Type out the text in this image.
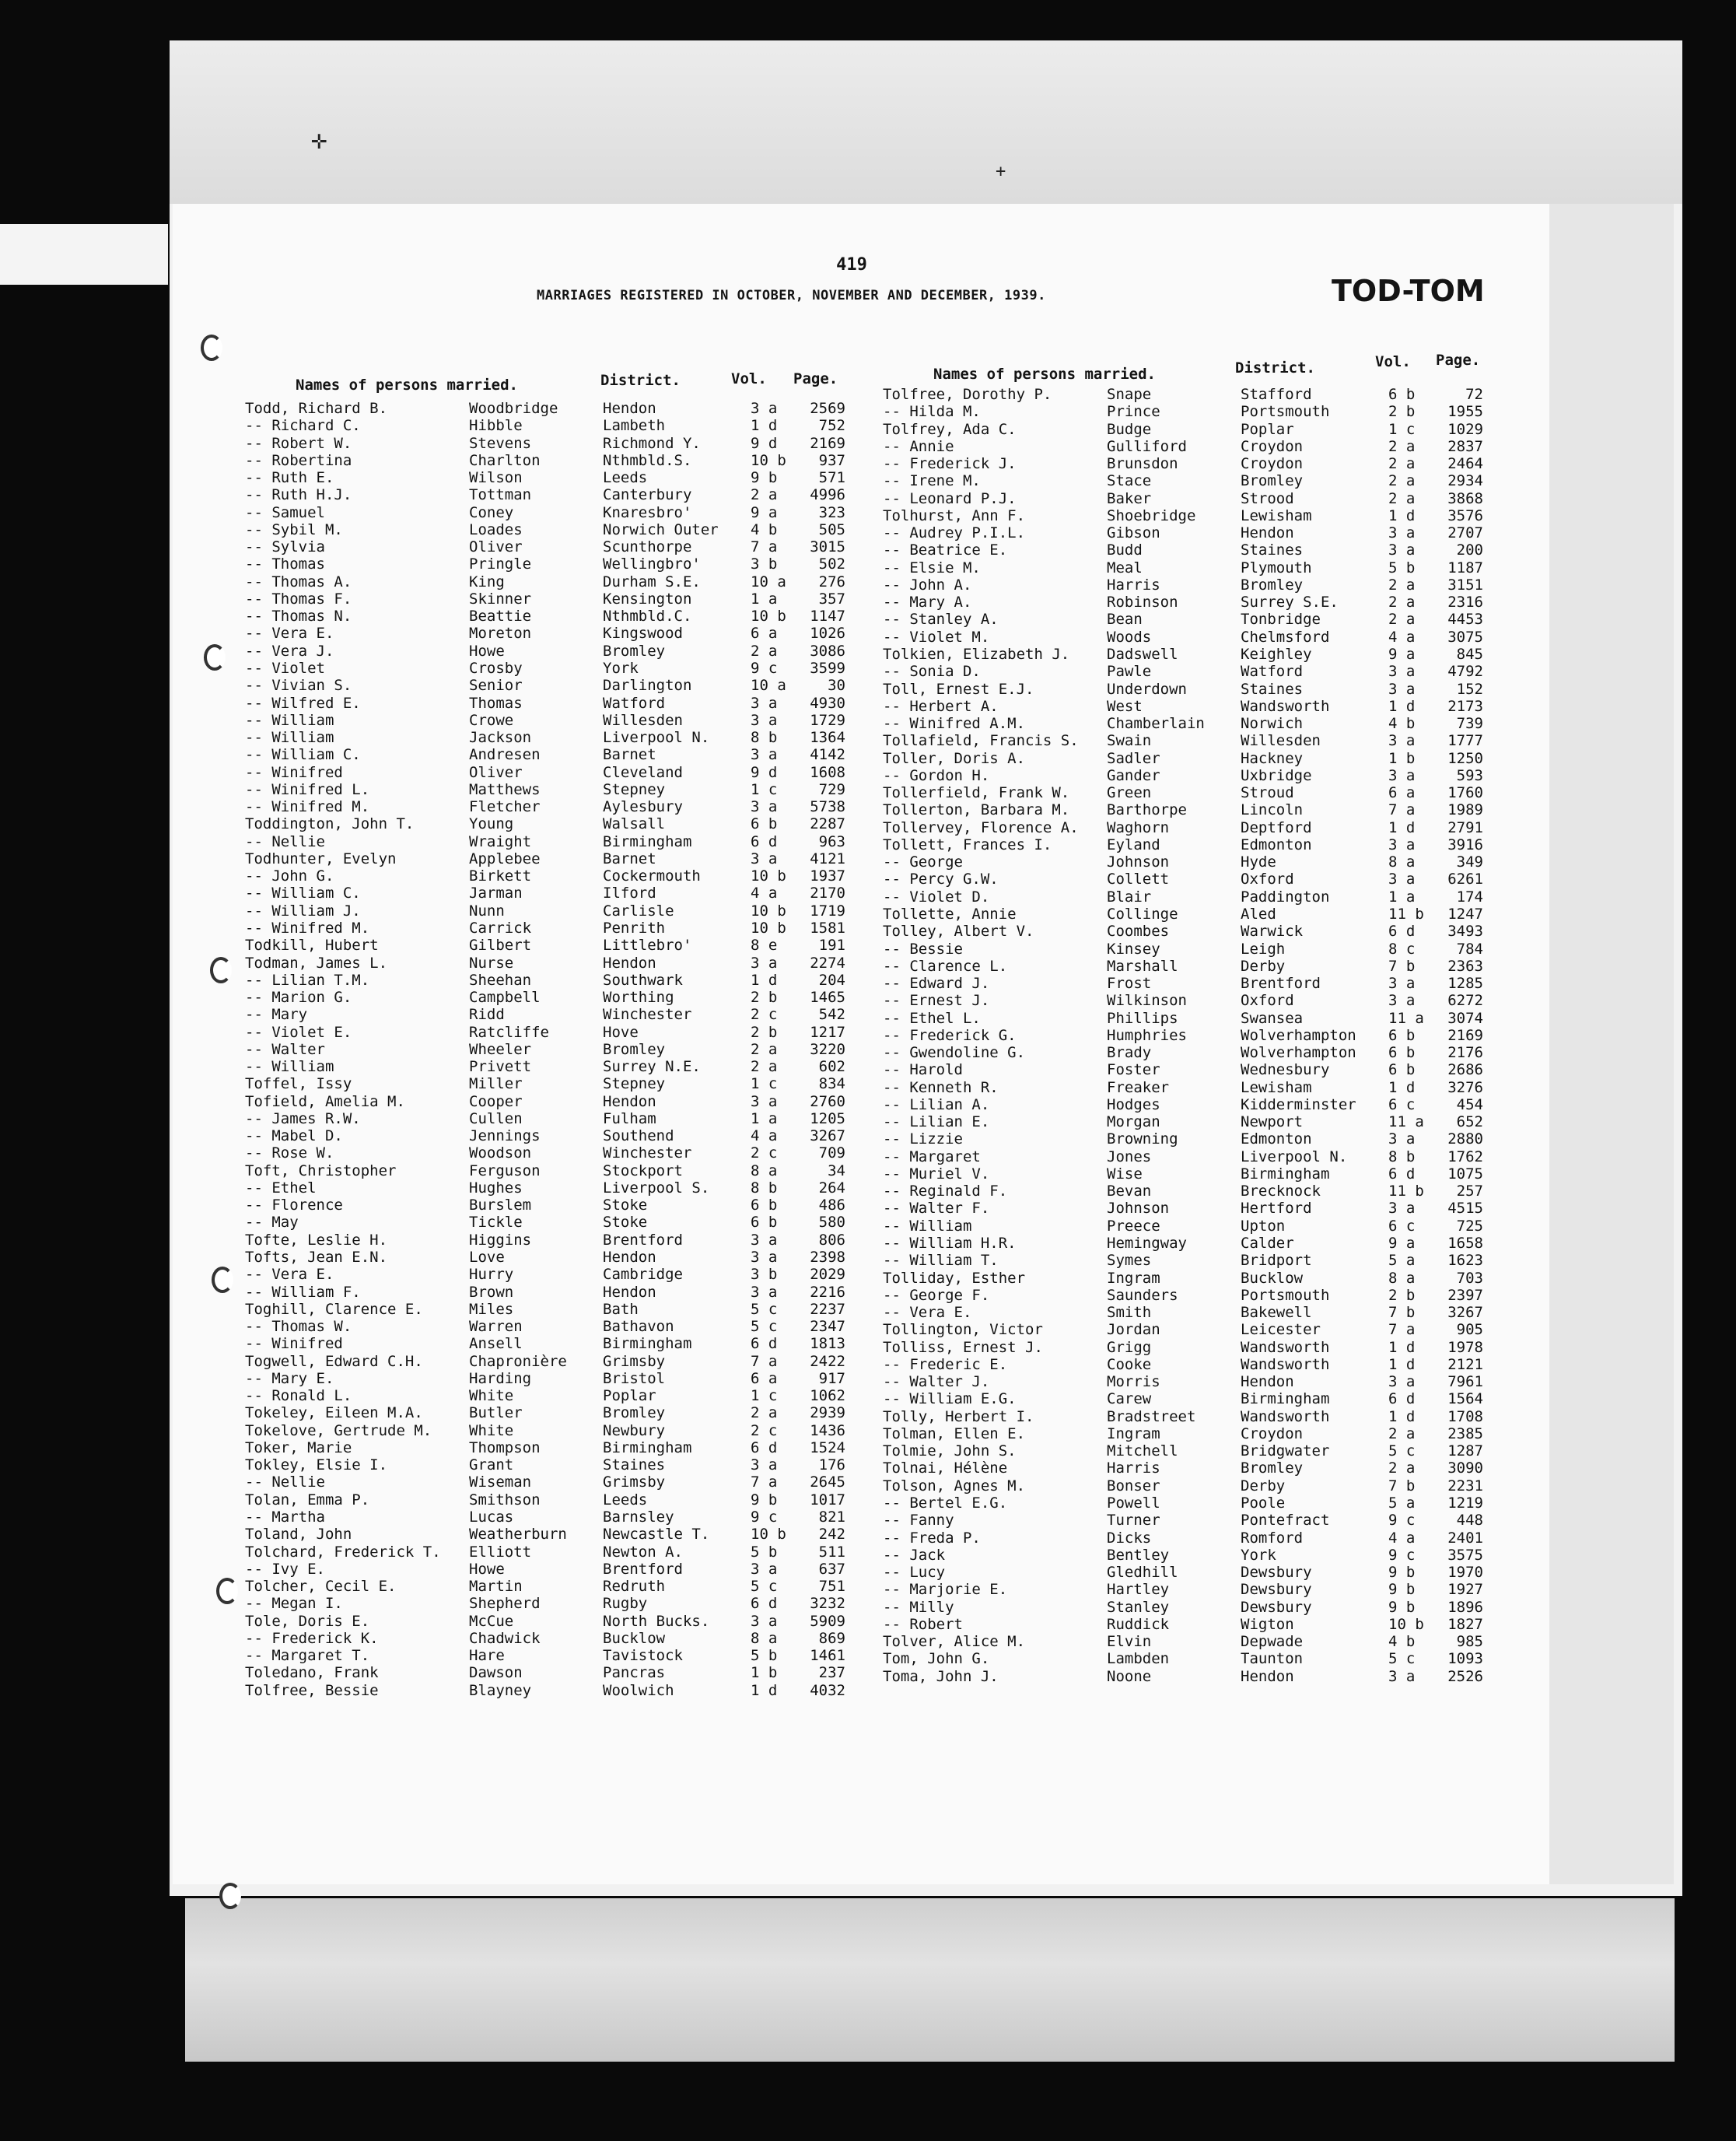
✛
+
419
MARRIAGES REGISTERED IN OCTOBER, NOVEMBER AND DECEMBER, 1939.	TOD-TOM
Names of persons married.	District.	Vol. Page.	Names of persons married.	District.	Vol. Page.
Todd, Richard B.	Woodbridge	Hendon	3 a	2569
-- Richard C.	Hibble	Lambeth	1 d	752
-- Robert W.	Stevens	Richmond Y.	9 d	2169
-- Robertina	Charlton	Nthmbld.S.	10 b	937
-- Ruth E.	Wilson	Leeds	9 b	571
-- Ruth H.J.	Tottman	Canterbury	2 a	4996
-- Samuel	Coney	Knaresbro'	9 a	323
-- Sybil M.	Loades	Norwich Outer	4 b	505
-- Sylvia	Oliver	Scunthorpe	7 a	3015
-- Thomas	Pringle	Wellingbro'	3 b	502
-- Thomas A.	King	Durham S.E.	10 a	276
-- Thomas F.	Skinner	Kensington	1 a	357
-- Thomas N.	Beattie	Nthmbld.C.	10 b	1147
-- Vera E.	Moreton	Kingswood	6 a	1026
-- Vera J.	Howe	Bromley	2 a	3086
-- Violet	Crosby	York	9 c	3599
-- Vivian S.	Senior	Darlington	10 a	30
-- Wilfred E.	Thomas	Watford	3 a	4930
-- William	Crowe	Willesden	3 a	1729
-- William	Jackson	Liverpool N.	8 b	1364
-- William C.	Andresen	Barnet	3 a	4142
-- Winifred	Oliver	Cleveland	9 d	1608
-- Winifred L.	Matthews	Stepney	1 c	729
-- Winifred M.	Fletcher	Aylesbury	3 a	5738
Toddington, John T.	Young	Walsall	6 b	2287
-- Nellie	Wraight	Birmingham	6 d	963
Todhunter, Evelyn	Applebee	Barnet	3 a	4121
-- John G.	Birkett	Cockermouth	10 b	1937
-- William C.	Jarman	Ilford	4 a	2170
-- William J.	Nunn	Carlisle	10 b	1719
-- Winifred M.	Carrick	Penrith	10 b	1581
Todkill, Hubert	Gilbert	Littlebro'	8 e	191
Todman, James L.	Nurse	Hendon	3 a	2274
-- Lilian T.M.	Sheehan	Southwark	1 d	204
-- Marion G.	Campbell	Worthing	2 b	1465
-- Mary	Ridd	Winchester	2 c	542
-- Violet E.	Ratcliffe	Hove	2 b	1217
-- Walter	Wheeler	Bromley	2 a	3220
-- William	Privett	Surrey N.E.	2 a	602
Toffel, Issy	Miller	Stepney	1 c	834
Tofield, Amelia M.	Cooper	Hendon	3 a	2760
-- James R.W.	Cullen	Fulham	1 a	1205
-- Mabel D.	Jennings	Southend	4 a	3267
-- Rose W.	Woodson	Winchester	2 c	709
Toft, Christopher	Ferguson	Stockport	8 a	34
-- Ethel	Hughes	Liverpool S.	8 b	264
-- Florence	Burslem	Stoke	6 b	486
-- May	Tickle	Stoke	6 b	580
Tofte, Leslie H.	Higgins	Brentford	3 a	806
Tofts, Jean E.N.	Love	Hendon	3 a	2398
-- Vera E.	Hurry	Cambridge	3 b	2029
-- William F.	Brown	Hendon	3 a	2216
Toghill, Clarence E.	Miles	Bath	5 c	2237
-- Thomas W.	Warren	Bathavon	5 c	2347
-- Winifred	Ansell	Birmingham	6 d	1813
Togwell, Edward C.H.	Chapronière	Grimsby	7 a	2422
-- Mary E.	Harding	Bristol	6 a	917
-- Ronald L.	White	Poplar	1 c	1062
Tokeley, Eileen M.A.	Butler	Bromley	2 a	2939
Tokelove, Gertrude M.	White	Newbury	2 c	1436
Toker, Marie	Thompson	Birmingham	6 d	1524
Tokley, Elsie I.	Grant	Staines	3 a	176
-- Nellie	Wiseman	Grimsby	7 a	2645
Tolan, Emma P.	Smithson	Leeds	9 b	1017
-- Martha	Lucas	Barnsley	9 c	821
Toland, John	Weatherburn	Newcastle T.	10 b	242
Tolchard, Frederick T.	Elliott	Newton A.	5 b	511
-- Ivy E.	Howe	Brentford	3 a	637
Tolcher, Cecil E.	Martin	Redruth	5 c	751
-- Megan I.	Shepherd	Rugby	6 d	3232
Tole, Doris E.	McCue	North Bucks.	3 a	5909
-- Frederick K.	Chadwick	Bucklow	8 a	869
-- Margaret T.	Hare	Tavistock	5 b	1461
Toledano, Frank	Dawson	Pancras	1 b	237
Tolfree, Bessie	Blayney	Woolwich	1 d	4032
Tolfree, Dorothy P.	Snape	Stafford	6 b	72
-- Hilda M.	Prince	Portsmouth	2 b	1955
Tolfrey, Ada C.	Budge	Poplar	1 c	1029
-- Annie	Gulliford	Croydon	2 a	2837
-- Frederick J.	Brunsdon	Croydon	2 a	2464
-- Irene M.	Stace	Bromley	2 a	2934
-- Leonard P.J.	Baker	Strood	2 a	3868
Tolhurst, Ann F.	Shoebridge	Lewisham	1 d	3576
-- Audrey P.I.L.	Gibson	Hendon	3 a	2707
-- Beatrice E.	Budd	Staines	3 a	200
-- Elsie M.	Meal	Plymouth	5 b	1187
-- John A.	Harris	Bromley	2 a	3151
-- Mary A.	Robinson	Surrey S.E.	2 a	2316
-- Stanley A.	Bean	Tonbridge	2 a	4453
-- Violet M.	Woods	Chelmsford	4 a	3075
Tolkien, Elizabeth J.	Dadswell	Keighley	9 a	845
-- Sonia D.	Pawle	Watford	3 a	4792
Toll, Ernest E.J.	Underdown	Staines	3 a	152
-- Herbert A.	West	Wandsworth	1 d	2173
-- Winifred A.M.	Chamberlain	Norwich	4 b	739
Tollafield, Francis S.	Swain	Willesden	3 a	1777
Toller, Doris A.	Sadler	Hackney	1 b	1250
-- Gordon H.	Gander	Uxbridge	3 a	593
Tollerfield, Frank W.	Green	Stroud	6 a	1760
Tollerton, Barbara M.	Barthorpe	Lincoln	7 a	1989
Tollervey, Florence A.	Waghorn	Deptford	1 d	2791
Tollett, Frances I.	Eyland	Edmonton	3 a	3916
-- George	Johnson	Hyde	8 a	349
-- Percy G.W.	Collett	Oxford	3 a	6261
-- Violet D.	Blair	Paddington	1 a	174
Tollette, Annie	Collinge	Aled	11 b	1247
Tolley, Albert V.	Coombes	Warwick	6 d	3493
-- Bessie	Kinsey	Leigh	8 c	784
-- Clarence L.	Marshall	Derby	7 b	2363
-- Edward J.	Frost	Brentford	3 a	1285
-- Ernest J.	Wilkinson	Oxford	3 a	6272
-- Ethel L.	Phillips	Swansea	11 a	3074
-- Frederick G.	Humphries	Wolverhampton	6 b	2169
-- Gwendoline G.	Brady	Wolverhampton	6 b	2176
-- Harold	Foster	Wednesbury	6 b	2686
-- Kenneth R.	Freaker	Lewisham	1 d	3276
-- Lilian A.	Hodges	Kidderminster	6 c	454
-- Lilian E.	Morgan	Newport	11 a	652
-- Lizzie	Browning	Edmonton	3 a	2880
-- Margaret	Jones	Liverpool N.	8 b	1762
-- Muriel V.	Wise	Birmingham	6 d	1075
-- Reginald F.	Bevan	Brecknock	11 b	257
-- Walter F.	Johnson	Hertford	3 a	4515
-- William	Preece	Upton	6 c	725
-- William H.R.	Hemingway	Calder	9 a	1658
-- William T.	Symes	Bridport	5 a	1623
Tolliday, Esther	Ingram	Bucklow	8 a	703
-- George F.	Saunders	Portsmouth	2 b	2397
-- Vera E.	Smith	Bakewell	7 b	3267
Tollington, Victor	Jordan	Leicester	7 a	905
Tolliss, Ernest J.	Grigg	Wandsworth	1 d	1978
-- Frederic E.	Cooke	Wandsworth	1 d	2121
-- Walter J.	Morris	Hendon	3 a	7961
-- William E.G.	Carew	Birmingham	6 d	1564
Tolly, Herbert I.	Bradstreet	Wandsworth	1 d	1708
Tolman, Ellen E.	Ingram	Croydon	2 a	2385
Tolmie, John S.	Mitchell	Bridgwater	5 c	1287
Tolnai, Hélène	Harris	Bromley	2 a	3090
Tolson, Agnes M.	Bonser	Derby	7 b	2231
-- Bertel E.G.	Powell	Poole	5 a	1219
-- Fanny	Turner	Pontefract	9 c	448
-- Freda P.	Dicks	Romford	4 a	2401
-- Jack	Bentley	York	9 c	3575
-- Lucy	Gledhill	Dewsbury	9 b	1970
-- Marjorie E.	Hartley	Dewsbury	9 b	1927
-- Milly	Stanley	Dewsbury	9 b	1896
-- Robert	Ruddick	Wigton	10 b	1827
Tolver, Alice M.	Elvin	Depwade	4 b	985
Tom, John G.	Lambden	Taunton	5 c	1093
Toma, John J.	Noone	Hendon	3 a	2526
